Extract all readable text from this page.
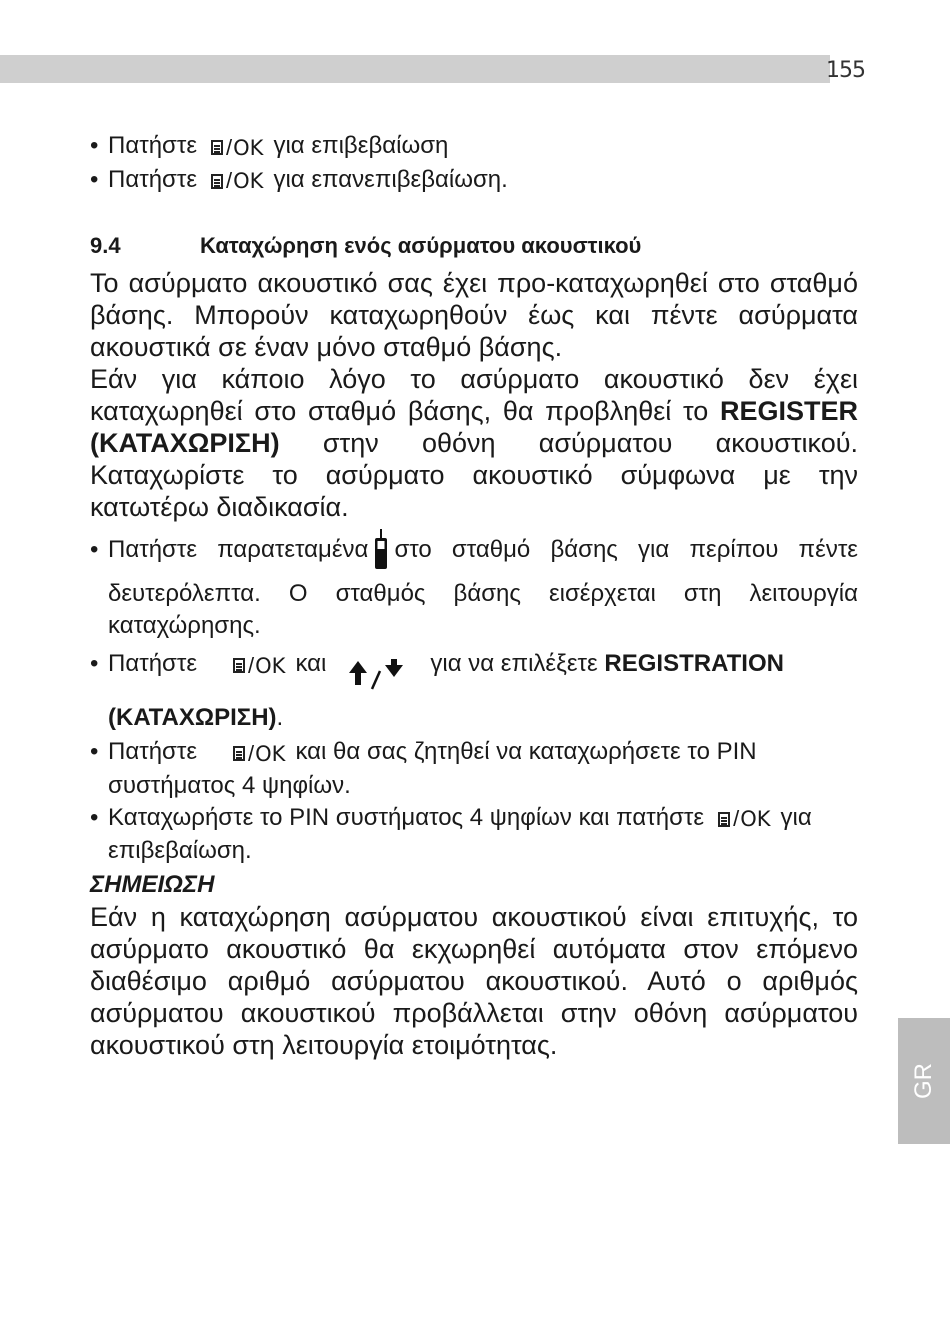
155
• Πατήστε / OK για επιβεβαίωση
• Πατήστε / OK για επανεπιβεβαίωση.
9.4	Καταχώρηση ενός ασύρματου ακουστικού
Το ασύρματο ακουστικό σας έχει προ-καταχωρηθεί στο σταθμό βάσης. Μπορούν καταχωρηθούν έως και πέντε ασύρματα ακουστικά σε έναν μόνο σταθμό βάσης.
Εάν για κάποιο λόγο το ασύρματο ακουστικό δεν έχει καταχωρηθεί στο σταθμό βάσης, θα προβληθεί το REGISTER (ΚΑΤΑΧΩΡΙΣΗ) στην οθόνη ασύρματου ακουστικού. Καταχωρίστε το ασύρματο ακουστικό σύμφωνα με την κατωτέρω διαδικασία.
• Πατήστε παρατεταμένα στο σταθμό βάσης για περίπου πέντε δευτερόλεπτα. Ο σταθμός βάσης εισέρχεται στη λειτουργία καταχώρησης.
• Πατήστε / OK και	για να επιλέξετε REGISTRATION (ΚΑΤΑΧΩΡΙΣΗ).
• Πατήστε / OK και θα σας ζητηθεί να καταχωρήσετε το PIN συστήματος 4 ψηφίων.
• Καταχωρήστε το PIN συστήματος 4 ψηφίων και πατήστε / OK για επιβεβαίωση.
ΣΗΜΕΙΩΣΗ
Εάν η καταχώρηση ασύρματου ακουστικού είναι επιτυχής, το ασύρματο ακουστικό θα εκχωρηθεί αυτόματα στον επόμενο διαθέσιμο αριθμό ασύρματου ακουστικού. Αυτό ο αριθμός ασύρματου ακουστικού προβάλλεται στην οθόνη ασύρματου ακουστικού στη λειτουργία ετοιμότητας.
GR
